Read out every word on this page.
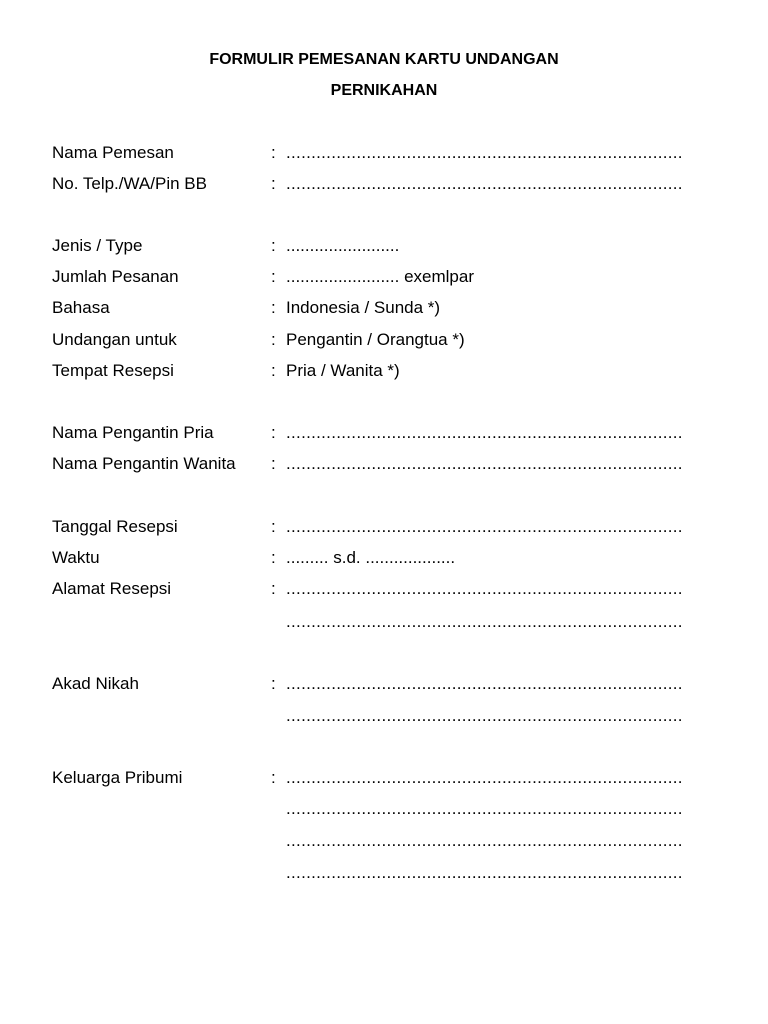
FORMULIR PEMESANAN KARTU UNDANGAN
PERNIKAHAN
Nama Pemesan	: ...............................................................................
No. Telp./WA/Pin BB	: ...............................................................................
Jenis / Type	: ........................
Jumlah Pesanan	: ........................ exemlpar
Bahasa	: Indonesia / Sunda *)
Undangan untuk	: Pengantin / Orangtua *)
Tempat Resepsi	: Pria / Wanita *)
Nama Pengantin Pria	: ...............................................................................
Nama Pengantin Wanita : ...............................................................................
Tanggal Resepsi	: ...............................................................................
Waktu	: ......... s.d. ...................
Alamat Resepsi	: ...............................................................................
...............................................................................
Akad Nikah	: ...............................................................................
...............................................................................
Keluarga Pribumi	: ...............................................................................
...............................................................................
...............................................................................
...............................................................................
